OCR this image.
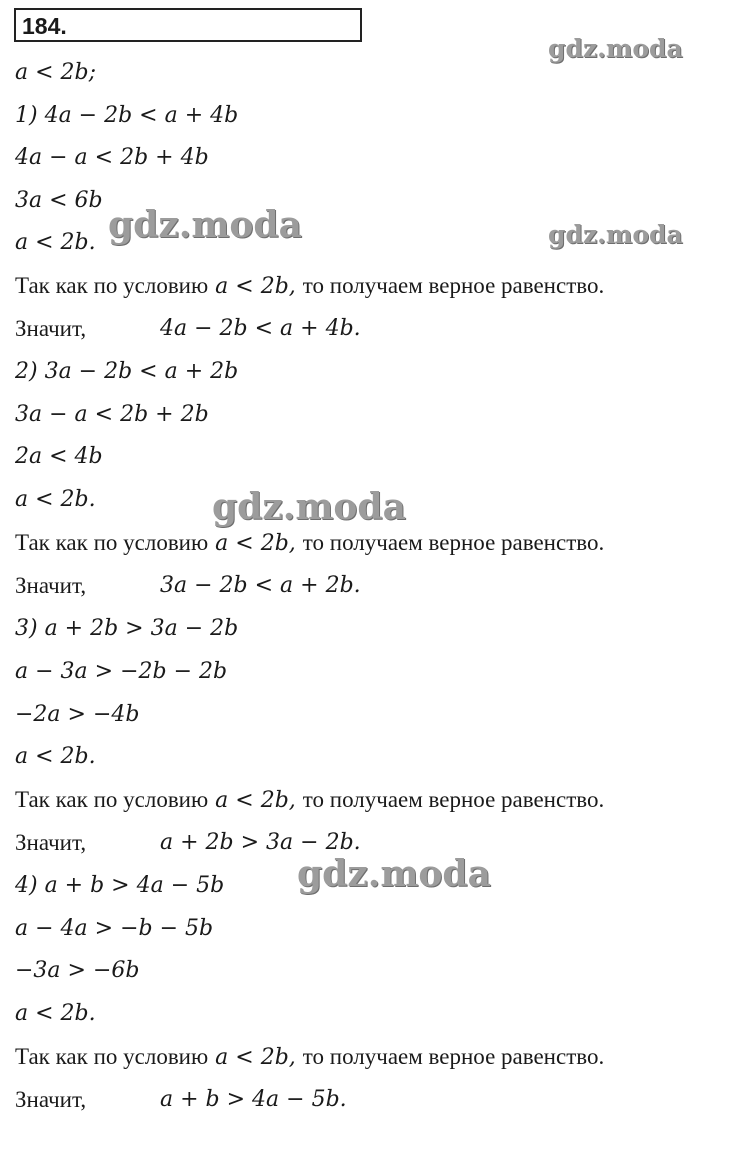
184.
a < 2b;
1) 4a − 2b < a + 4b
4a − a < 2b + 4b
3a < 6b
a < 2b.
Так как по условию a < 2b, то получаем верное равенство.
Значит,	4a − 2b < a + 4b.
2) 3a − 2b < a + 2b
3a − a < 2b + 2b
2a < 4b
a < 2b.
Так как по условию a < 2b, то получаем верное равенство.
Значит,	3a − 2b < a + 2b.
3) a + 2b > 3a − 2b
a − 3a > −2b − 2b
−2a > −4b
a < 2b.
Так как по условию a < 2b, то получаем верное равенство.
Значит,	a + 2b > 3a − 2b.
4) a + b > 4a − 5b
a − 4a > −b − 5b
−3a > −6b
a < 2b.
Так как по условию a < 2b, то получаем верное равенство.
Значит,	a + b > 4a − 5b.
gdz.moda
gdz.moda	gdz.moda
gdz.moda
gdz.moda
